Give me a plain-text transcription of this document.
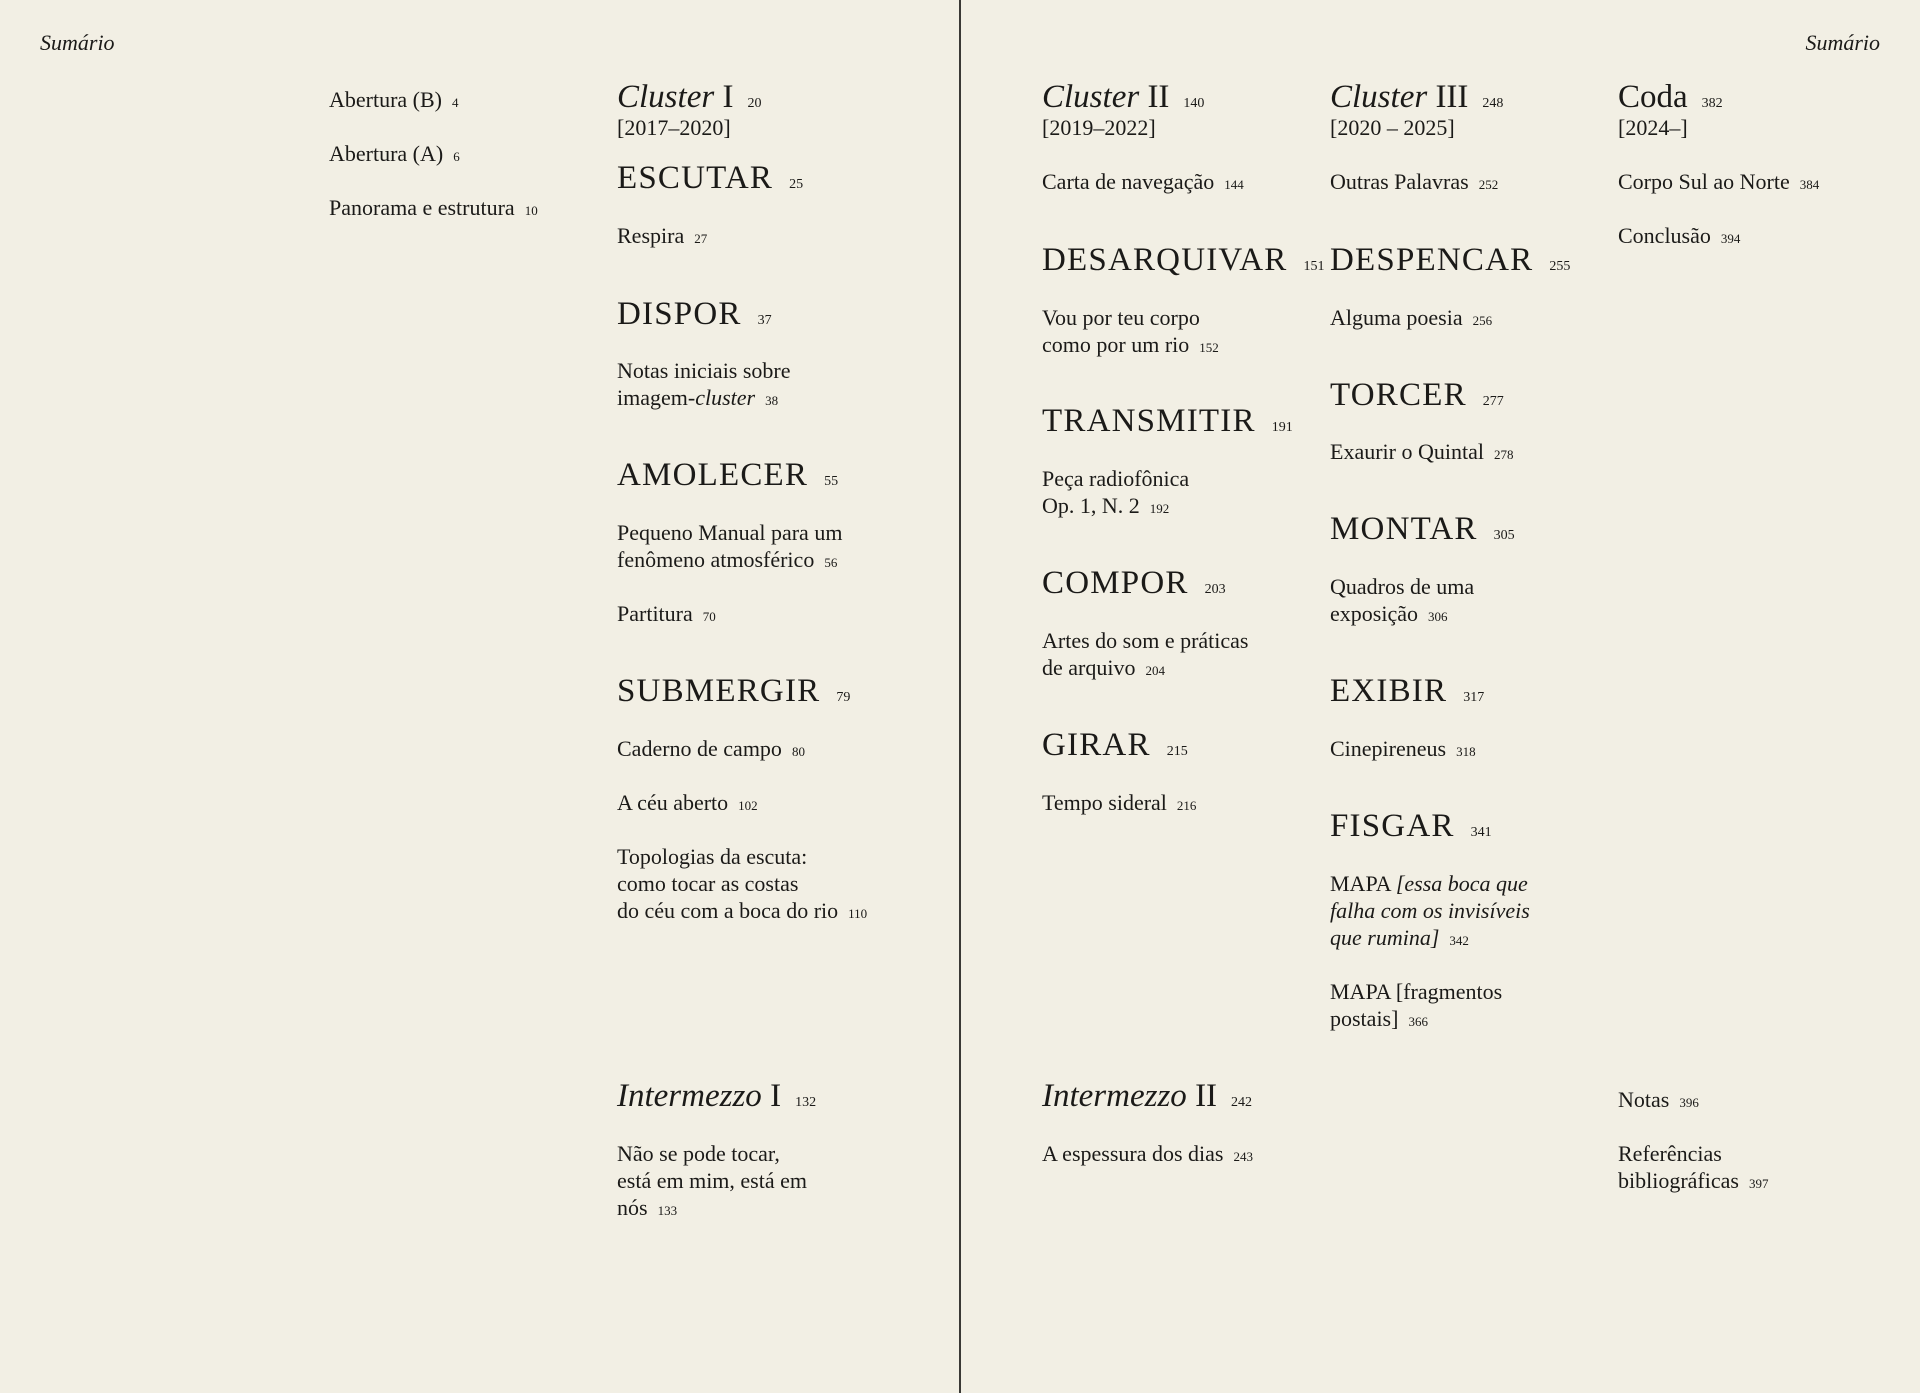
Sumário
Abertura (B) 4
Abertura (A) 6
Panorama e estrutura 10
Cluster I 20
[2017–2020]
ESCUTAR 25
Respira 27
DISPOR 37
Notas iniciais sobre
imagem-cluster 38
AMOLECER 55
Pequeno Manual para um
fenômeno atmosférico 56
Partitura 70
SUBMERGIR 79
Caderno de campo 80
A céu aberto 102
Topologias da escuta:
como tocar as costas
do céu com a boca do rio 110
Intermezzo I 132
Não se pode tocar,
está em mim, está em
nós 133
Sumário
Cluster II 140
[2019–2022]
Carta de navegação 144
DESARQUIVAR 151
Vou por teu corpo
como por um rio 152
TRANSMITIR 191
Peça radiofônica
Op. 1, N. 2 192
COMPOR 203
Artes do som e práticas
de arquivo 204
GIRAR 215
Tempo sideral 216
Intermezzo II 242
A espessura dos dias 243
Cluster III 248
[2020 – 2025]
Outras Palavras 252
DESPENCAR 255
Alguma poesia 256
TORCER 277
Exaurir o Quintal 278
MONTAR 305
Quadros de uma
exposição 306
EXIBIR 317
Cinepireneus 318
FISGAR 341
MAPA [essa boca que
falha com os invisíveis
que rumina] 342
MAPA [fragmentos
postais] 366
Coda 382
[2024–]
Corpo Sul ao Norte 384
Conclusão 394
Notas 396
Referências
bibliográficas 397
